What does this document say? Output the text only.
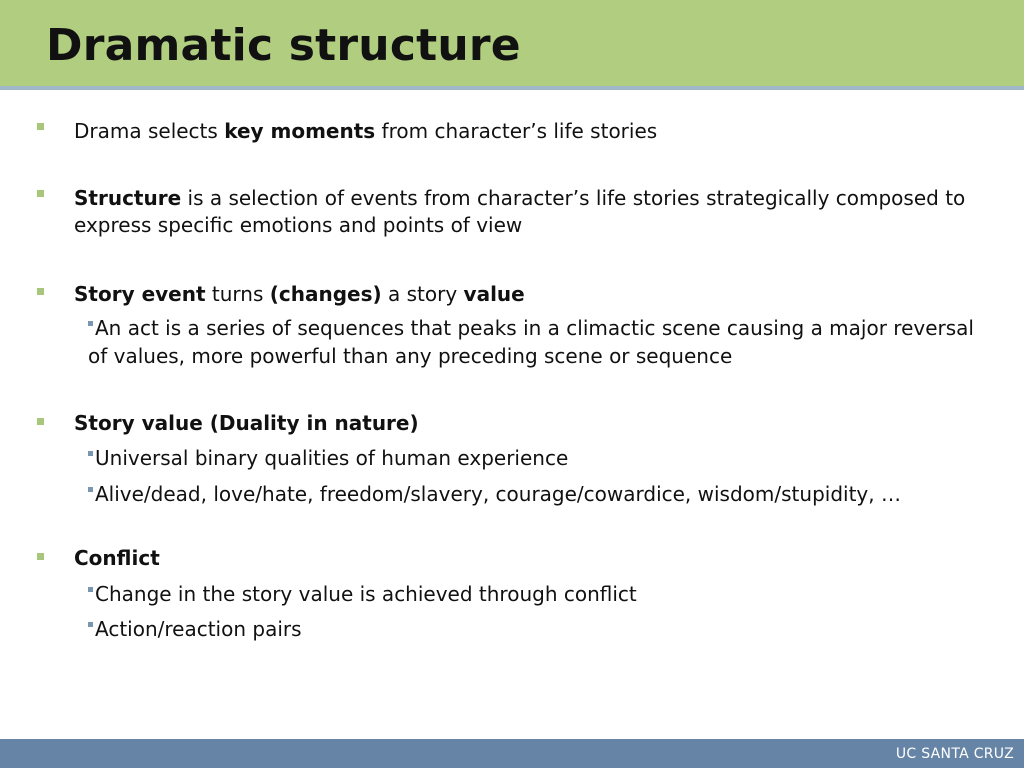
Dramatic structure
Drama selects key moments from character’s life stories
Structure is a selection of events from character’s life stories strategically composed to express specific emotions and points of view
Story event turns (changes) a story value
An act is a series of sequences that peaks in a climactic scene causing a major reversal of values, more powerful than any preceding scene or sequence
Story value (Duality in nature)
Universal binary qualities of human experience
Alive/dead, love/hate, freedom/slavery, courage/cowardice, wisdom/stupidity, …
Conflict
Change in the story value is achieved through conflict
Action/reaction pairs
UC SANTA CRUZ
